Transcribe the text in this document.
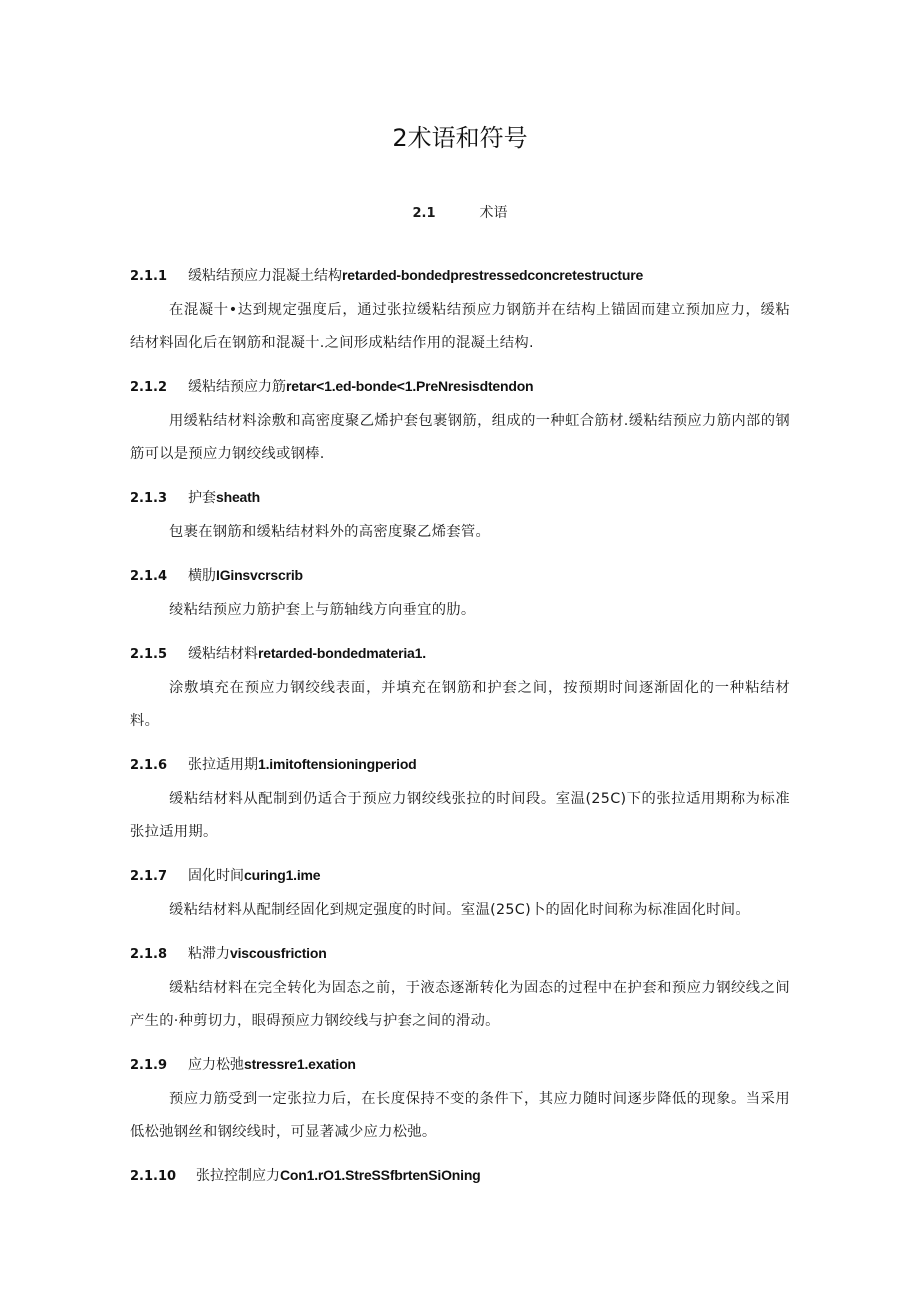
2术语和符号
2.1	术语
2.1.1	缓粘结预应力混凝土结构 retarded-bondedprestressedconcretestructure

在混凝十•达到规定强度后，通过张拉缓粘结预应力钢筋并在结构上锚固而建立预加应力，缓粘结材料固化后在钢筋和混凝十.之间形成粘结作用的混凝土结构.

2.1.2	缓粘结预应力筋 retar<1.ed-bonde<1.PreNresisdtendon

用缓粘结材料涂敷和高密度聚乙烯护套包裹钢筋，组成的一种虹合筋材.缓粘结预应力筋内部的钢筋可以是预应力钢绞线或钢棒.

2.1.3	护套 sheath

包裹在钢筋和缓粘结材料外的高密度聚乙烯套管。

2.1.4	横肋 IGinsvcrscrib

绫粘结预应力筋护套上与筋轴线方向垂宜的肋。

2.1.5	缓粘结材料 retarded-bondedmateria1.

涂敷填充在预应力钢绞线表面，并填充在钢筋和护套之间，按预期时间逐渐固化的一种粘结材料。

2.1.6	张拉适用期 1.imitoftensioningperiod

缓粘结材料从配制到仍适合于预应力钢绞线张拉的时间段。室温(25C)下的张拉适用期称为标准张拉适用期。

2.1.7	固化时间 curing1.ime

缓粘结材料从配制经固化到规定强度的时间。室温(25C)卜的固化时间称为标准固化时间。

2.1.8	粘滞力 viscousfriction

缓粘结材料在完全转化为固态之前，于液态逐渐转化为固态的过程中在护套和预应力钢绞线之间产生的·种剪切力，眼碍预应力钢绞线与护套之间的滑动。

2.1.9	应力松弛 stressre1.exation

预应力筋受到一定张拉力后，在长度保持不变的条件下，其应力随时间逐步降低的现象。当采用低松弛钢丝和钢绞线时，可显著减少应力松弛。

2.1.10	张拉控制应力 Con1.rO1.StreSSfbrtenSiOning
